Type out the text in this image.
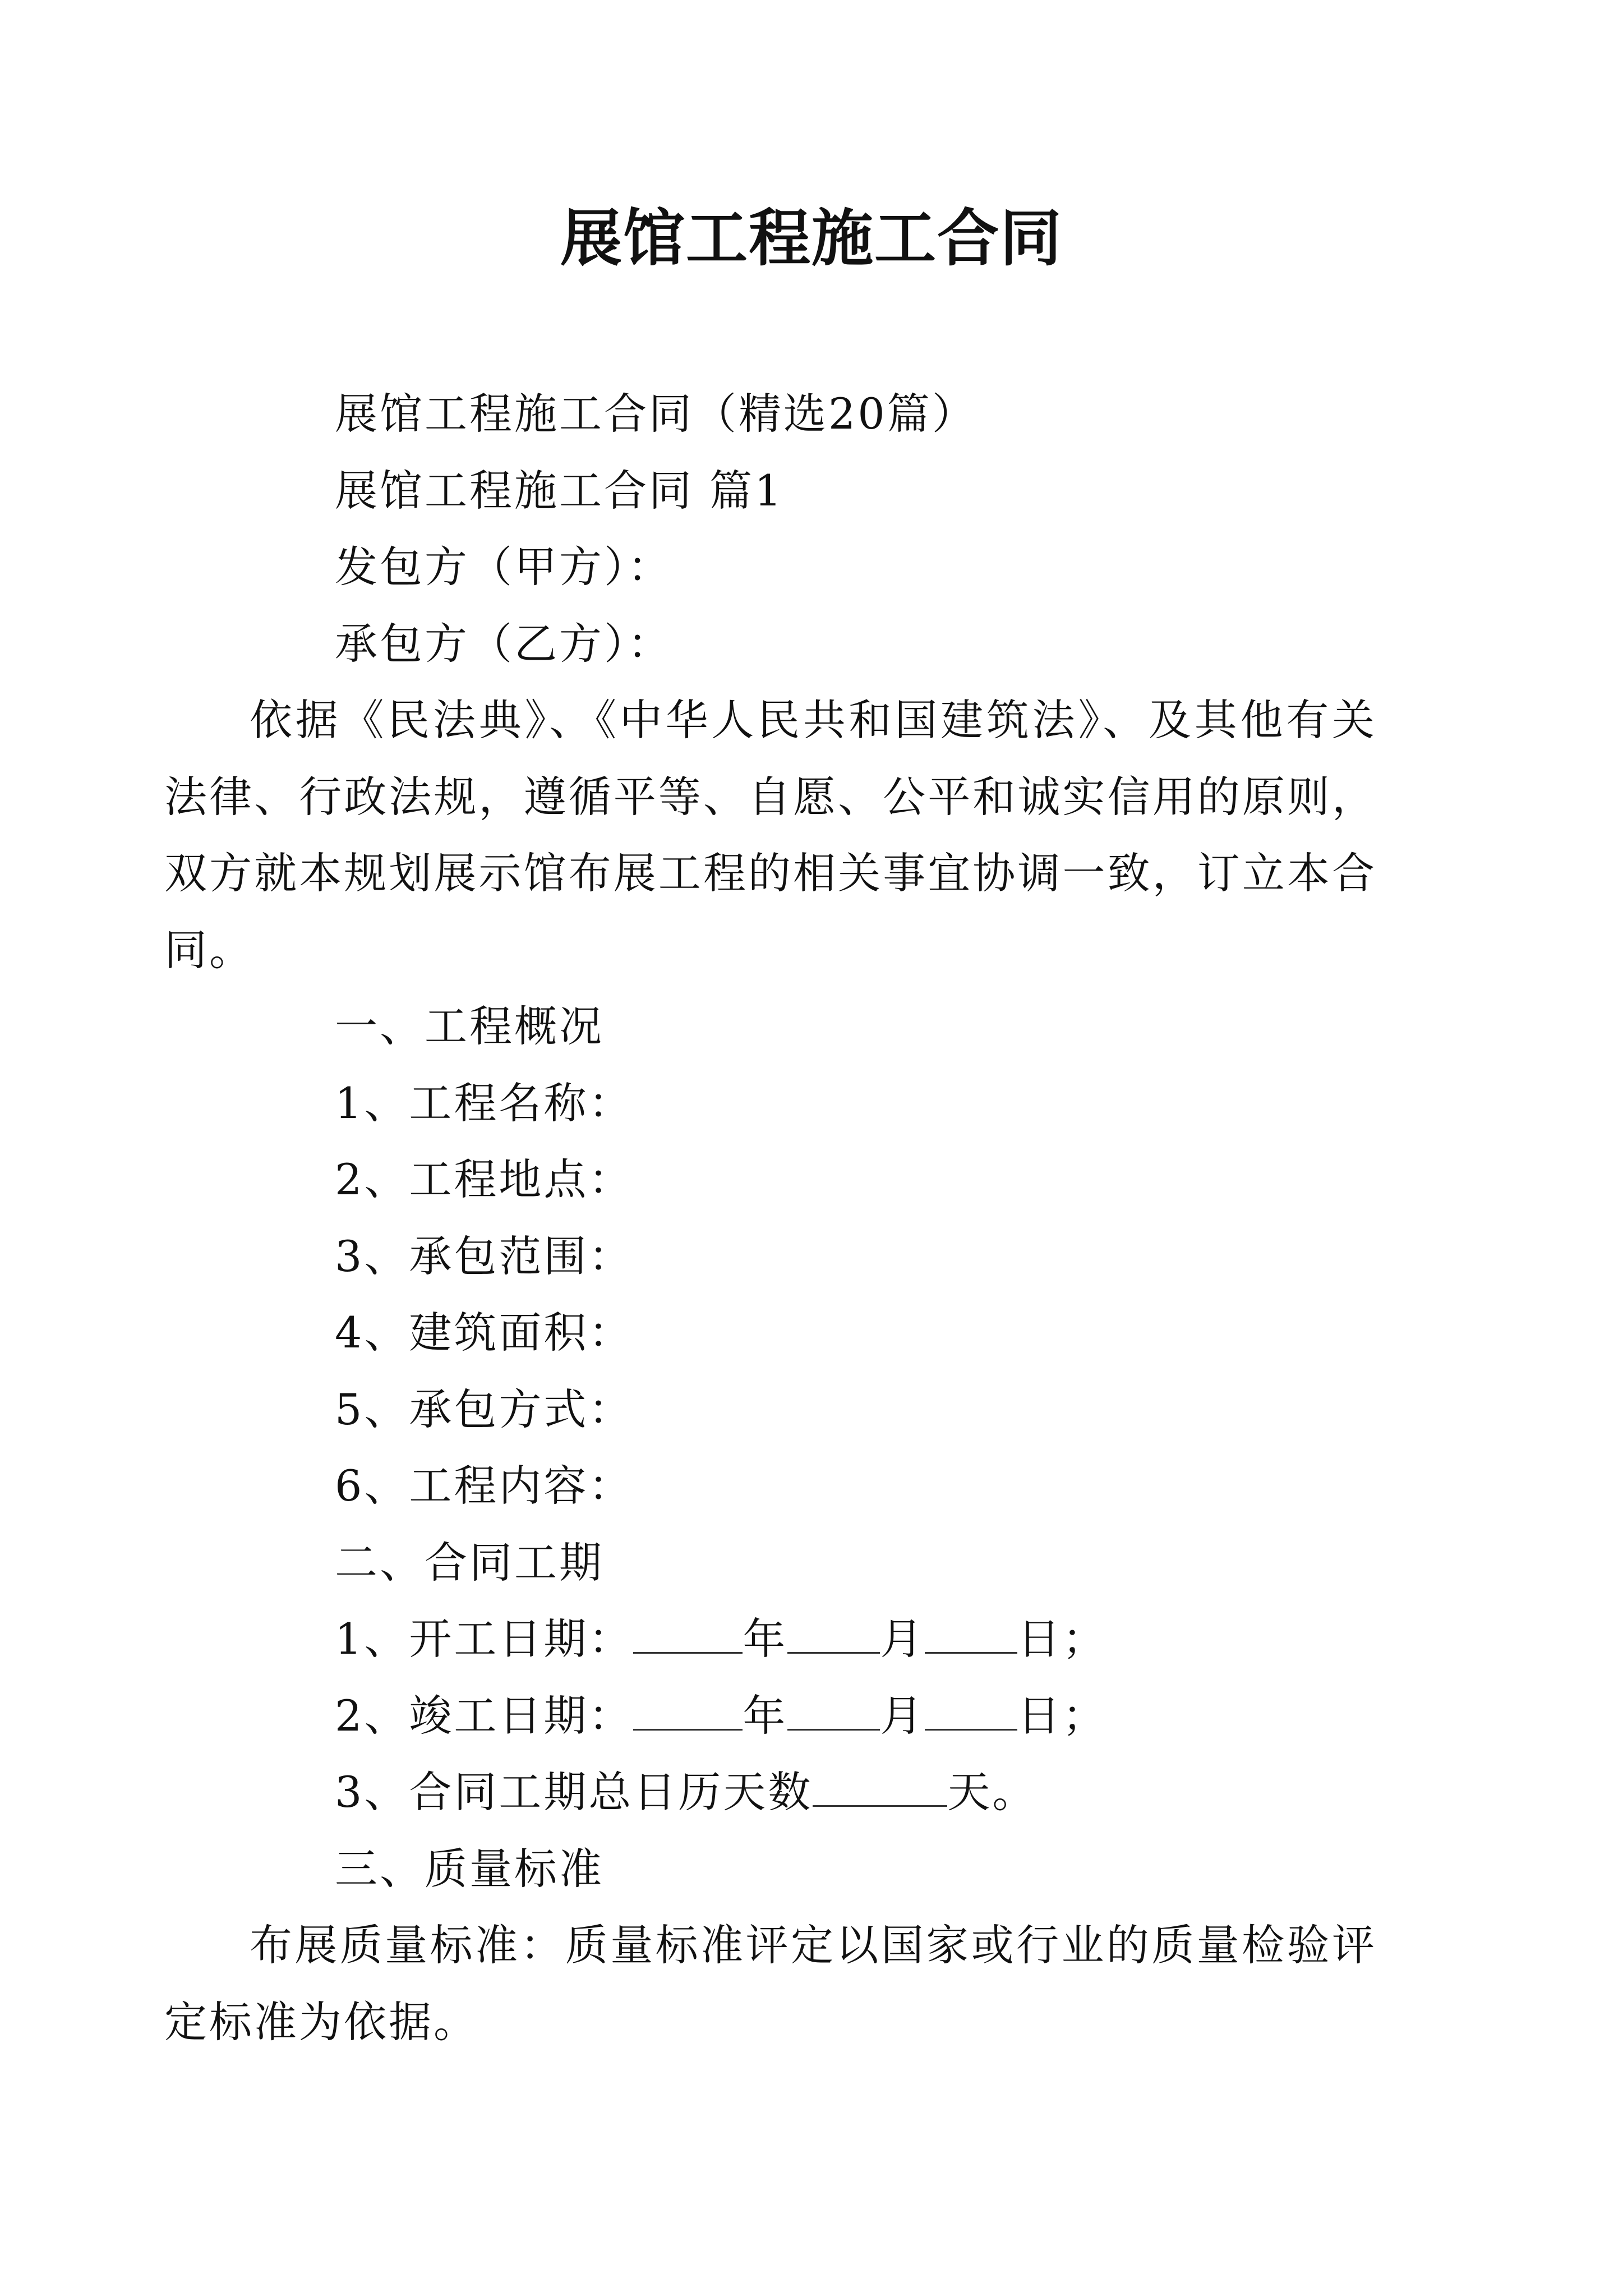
展馆工程施工合同

展馆工程施工合同（精选20篇）

展馆工程施工合同 篇1

发包方（甲方）：

承包方（乙方）：

依据《民法典》、《中华人民共和国建筑法》、及其他有关法律、行政法规，遵循平等、自愿、公平和诚实信用的原则，双方就本规划展示馆布展工程的相关事宜协调一致，订立本合同。

一、工程概况

1、工程名称：

2、工程地点：

3、承包范围：

4、建筑面积：

5、承包方式：

6、工程内容：

二、合同工期

1、开工日期：	年 月 日；

2、竣工日期：	年 月 日；

3、合同工期总日历天数	天。

三、质量标准

布展质量标准：质量标准评定以国家或行业的质量检验评定标准为依据。
